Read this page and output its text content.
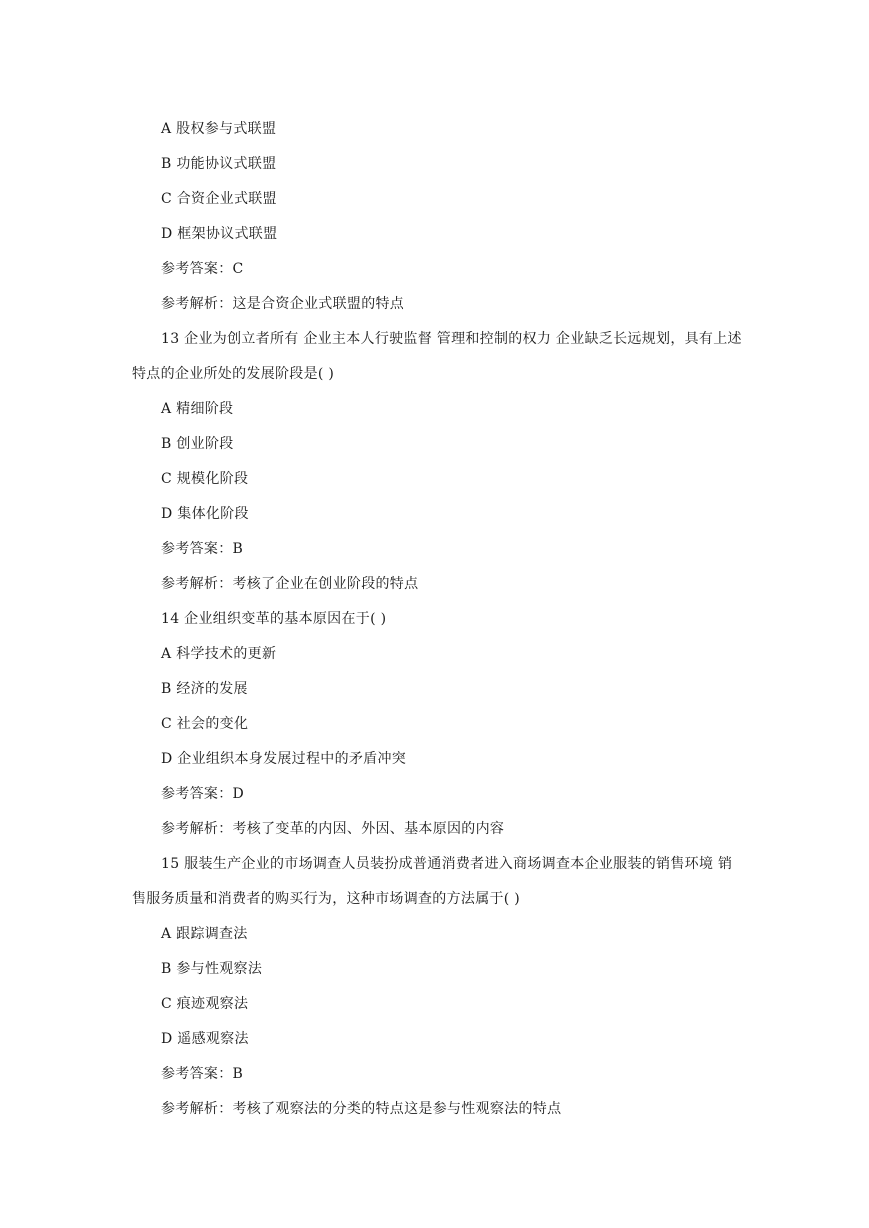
A 股权参与式联盟
B 功能协议式联盟
C 合资企业式联盟
D 框架协议式联盟
参考答案：C
参考解析：这是合资企业式联盟的特点
13 企业为创立者所有 企业主本人行驶监督 管理和控制的权力 企业缺乏长远规划，具有上述特点的企业所处的发展阶段是( )
A 精细阶段
B 创业阶段
C 规模化阶段
D 集体化阶段
参考答案：B
参考解析：考核了企业在创业阶段的特点
14 企业组织变革的基本原因在于( )
A 科学技术的更新
B 经济的发展
C 社会的变化
D 企业组织本身发展过程中的矛盾冲突
参考答案：D
参考解析：考核了变革的内因、外因、基本原因的内容
15 服装生产企业的市场调查人员装扮成普通消费者进入商场调查本企业服装的销售环境 销售服务质量和消费者的购买行为，这种市场调查的方法属于( )
A 跟踪调查法
B 参与性观察法
C 痕迹观察法
D 遥感观察法
参考答案：B
参考解析：考核了观察法的分类的特点这是参与性观察法的特点
